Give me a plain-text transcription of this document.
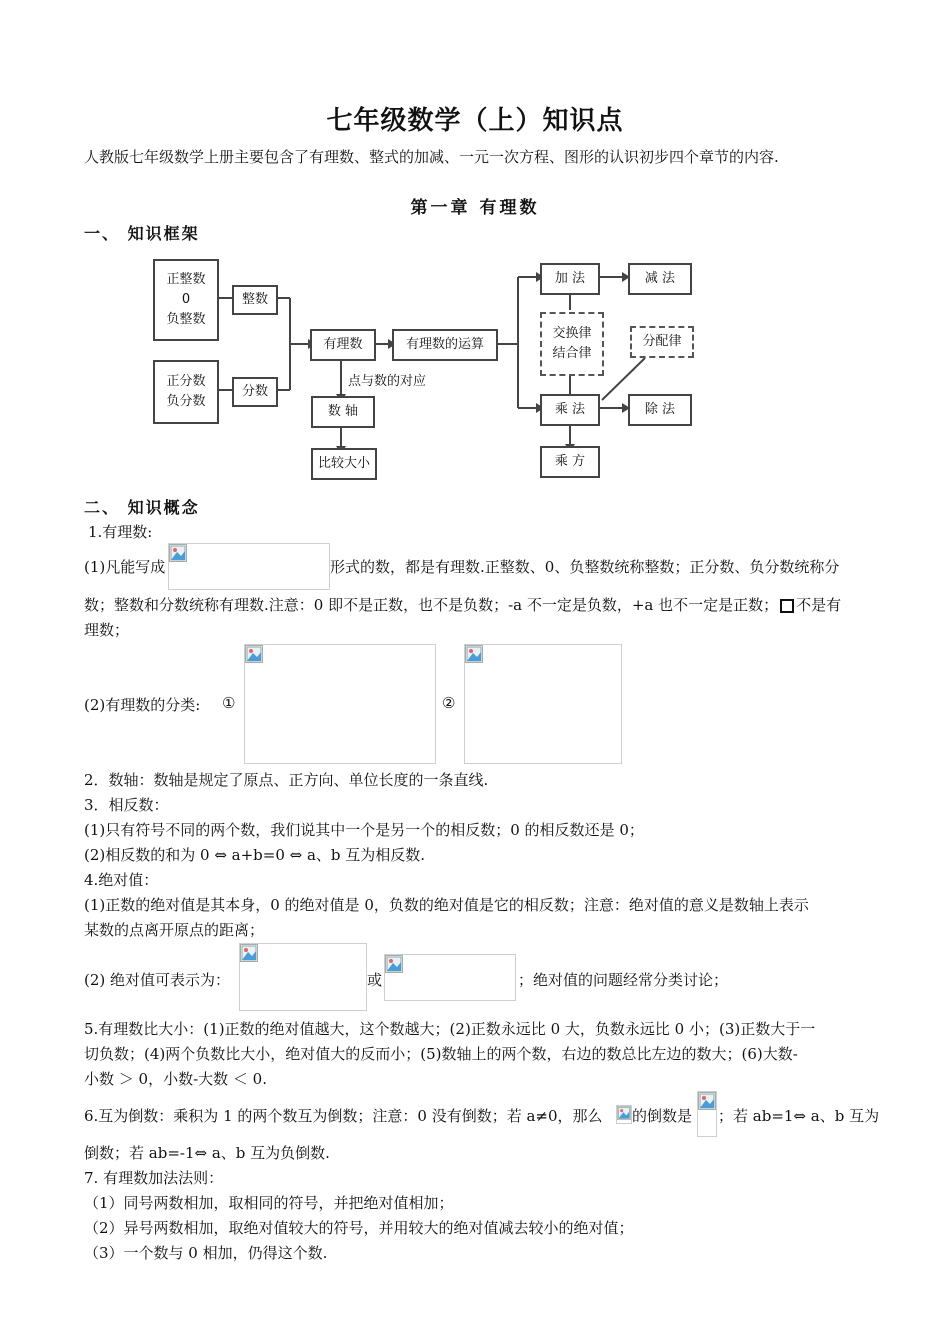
七年级数学（上）知识点
人教版七年级数学上册主要包含了有理数、整式的加减、一元一次方程、图形的认识初步四个章节的内容.
第一章 有理数
一、 知识框架
正整数
0
负整数
正分数
负分数
整数
分数
有理数	有理数的运算
点与数的对应
数 轴
比较大小
加 法	减 法
交换律
结合律
分配律
乘 法	除 法
乘 方
二、 知识概念
1.有理数:
(1)凡能写成	形式的数，都是有理数.正整数、0、负整数统称整数；正分数、负分数统称分
数；整数和分数统称有理数.注意：0 即不是正数，也不是负数；-a 不一定是负数，+a 也不一定是正数； 不是有
理数；
(2)有理数的分类: ①	②
2．数轴：数轴是规定了原点、正方向、单位长度的一条直线.
3．相反数：
(1)只有符号不同的两个数，我们说其中一个是另一个的相反数；0 的相反数还是 0；
(2)相反数的和为 0 ⇔ a+b=0 ⇔ a、b 互为相反数.
4.绝对值：
(1)正数的绝对值是其本身，0 的绝对值是 0，负数的绝对值是它的相反数；注意：绝对值的意义是数轴上表示
某数的点离开原点的距离；
(2) 绝对值可表示为：	或	；绝对值的问题经常分类讨论；
5.有理数比大小：(1)正数的绝对值越大，这个数越大；(2)正数永远比 0 大，负数永远比 0 小；(3)正数大于一
切负数；(4)两个负数比大小，绝对值大的反而小；(5)数轴上的两个数，右边的数总比左边的数大；(6)大数-
小数 ＞ 0，小数-大数 ＜ 0.
6.互为倒数：乘积为 1 的两个数互为倒数；注意：0 没有倒数；若 a≠0，那么 的倒数是 ；若 ab=1⇔ a、b 互为
倒数；若 ab=-1⇔ a、b 互为负倒数.
7. 有理数加法法则：
（1）同号两数相加，取相同的符号，并把绝对值相加；
（2）异号两数相加，取绝对值较大的符号，并用较大的绝对值减去较小的绝对值；
（3）一个数与 0 相加，仍得这个数.
